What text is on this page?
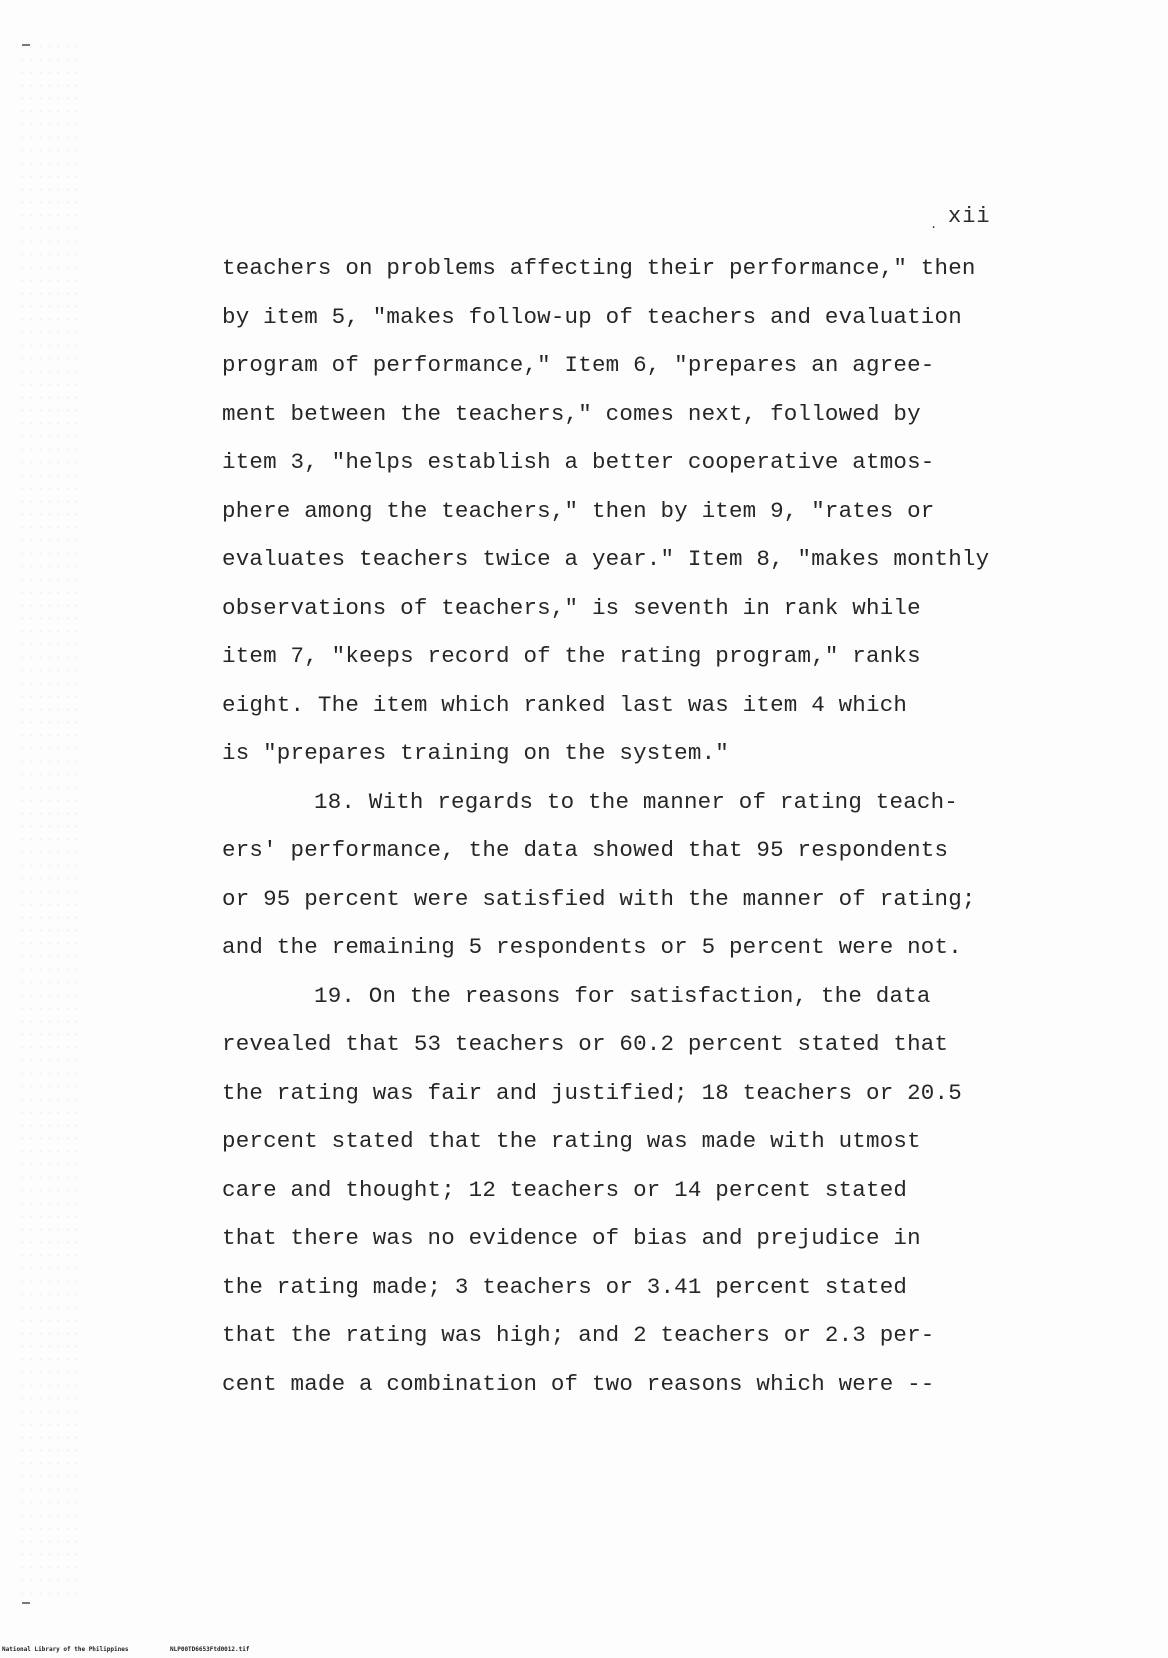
. xii
teachers on problems affecting their performance," then
by item 5, "makes follow-up of teachers and evaluation
program of performance," Item 6, "prepares an agree-
ment between the teachers," comes next, followed by
item 3, "helps establish a better cooperative atmos-
phere among the teachers," then by item 9, "rates or
evaluates teachers twice a year." Item 8, "makes monthly
observations of teachers," is seventh in rank while
item 7, "keeps record of the rating program," ranks
eight. The item which ranked last was item 4 which
is "prepares training on the system."
18. With regards to the manner of rating teach-
ers' performance, the data showed that 95 respondents
or 95 percent were satisfied with the manner of rating;
and the remaining 5 respondents or 5 percent were not.
19. On the reasons for satisfaction, the data
revealed that 53 teachers or 60.2 percent stated that
the rating was fair and justified; 18 teachers or 20.5
percent stated that the rating was made with utmost
care and thought; 12 teachers or 14 percent stated
that there was no evidence of bias and prejudice in
the rating made; 3 teachers or 3.41 percent stated
that the rating was high; and 2 teachers or 2.3 per-
cent made a combination of two reasons which were --
National Library of the Philippines	NLP00TD6653Ftd0012.tif
